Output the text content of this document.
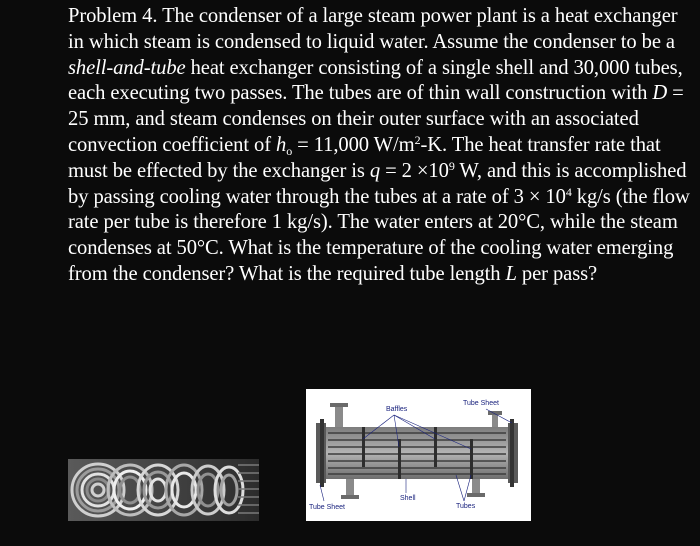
Problem 4. The condenser of a large steam power plant is a heat exchanger in which steam is condensed to liquid water. Assume the condenser to be a shell-and-tube heat exchanger consisting of a single shell and 30,000 tubes, each executing two passes. The tubes are of thin wall construction with D = 25 mm, and steam condenses on their outer surface with an associated convection coefficient of $h_o = 11,000$ $W/m^2-K$. The heat transfer rate that must be effected by the exchanger is $q = 2 \times 10^9$ W, and this is accomplished by passing cooling water through the tubes at a rate of $3 \times 10^4$ kg/s (the flow rate per tube is therefore 1 kg/s). The water enters at 20°C, while the steam condenses at 50°C. What is the temperature of the cooling water emerging from the condenser? What is the required tube length L per pass?
Baffles
Tube Sheet
Shell
Tube Sheet	Tubes
